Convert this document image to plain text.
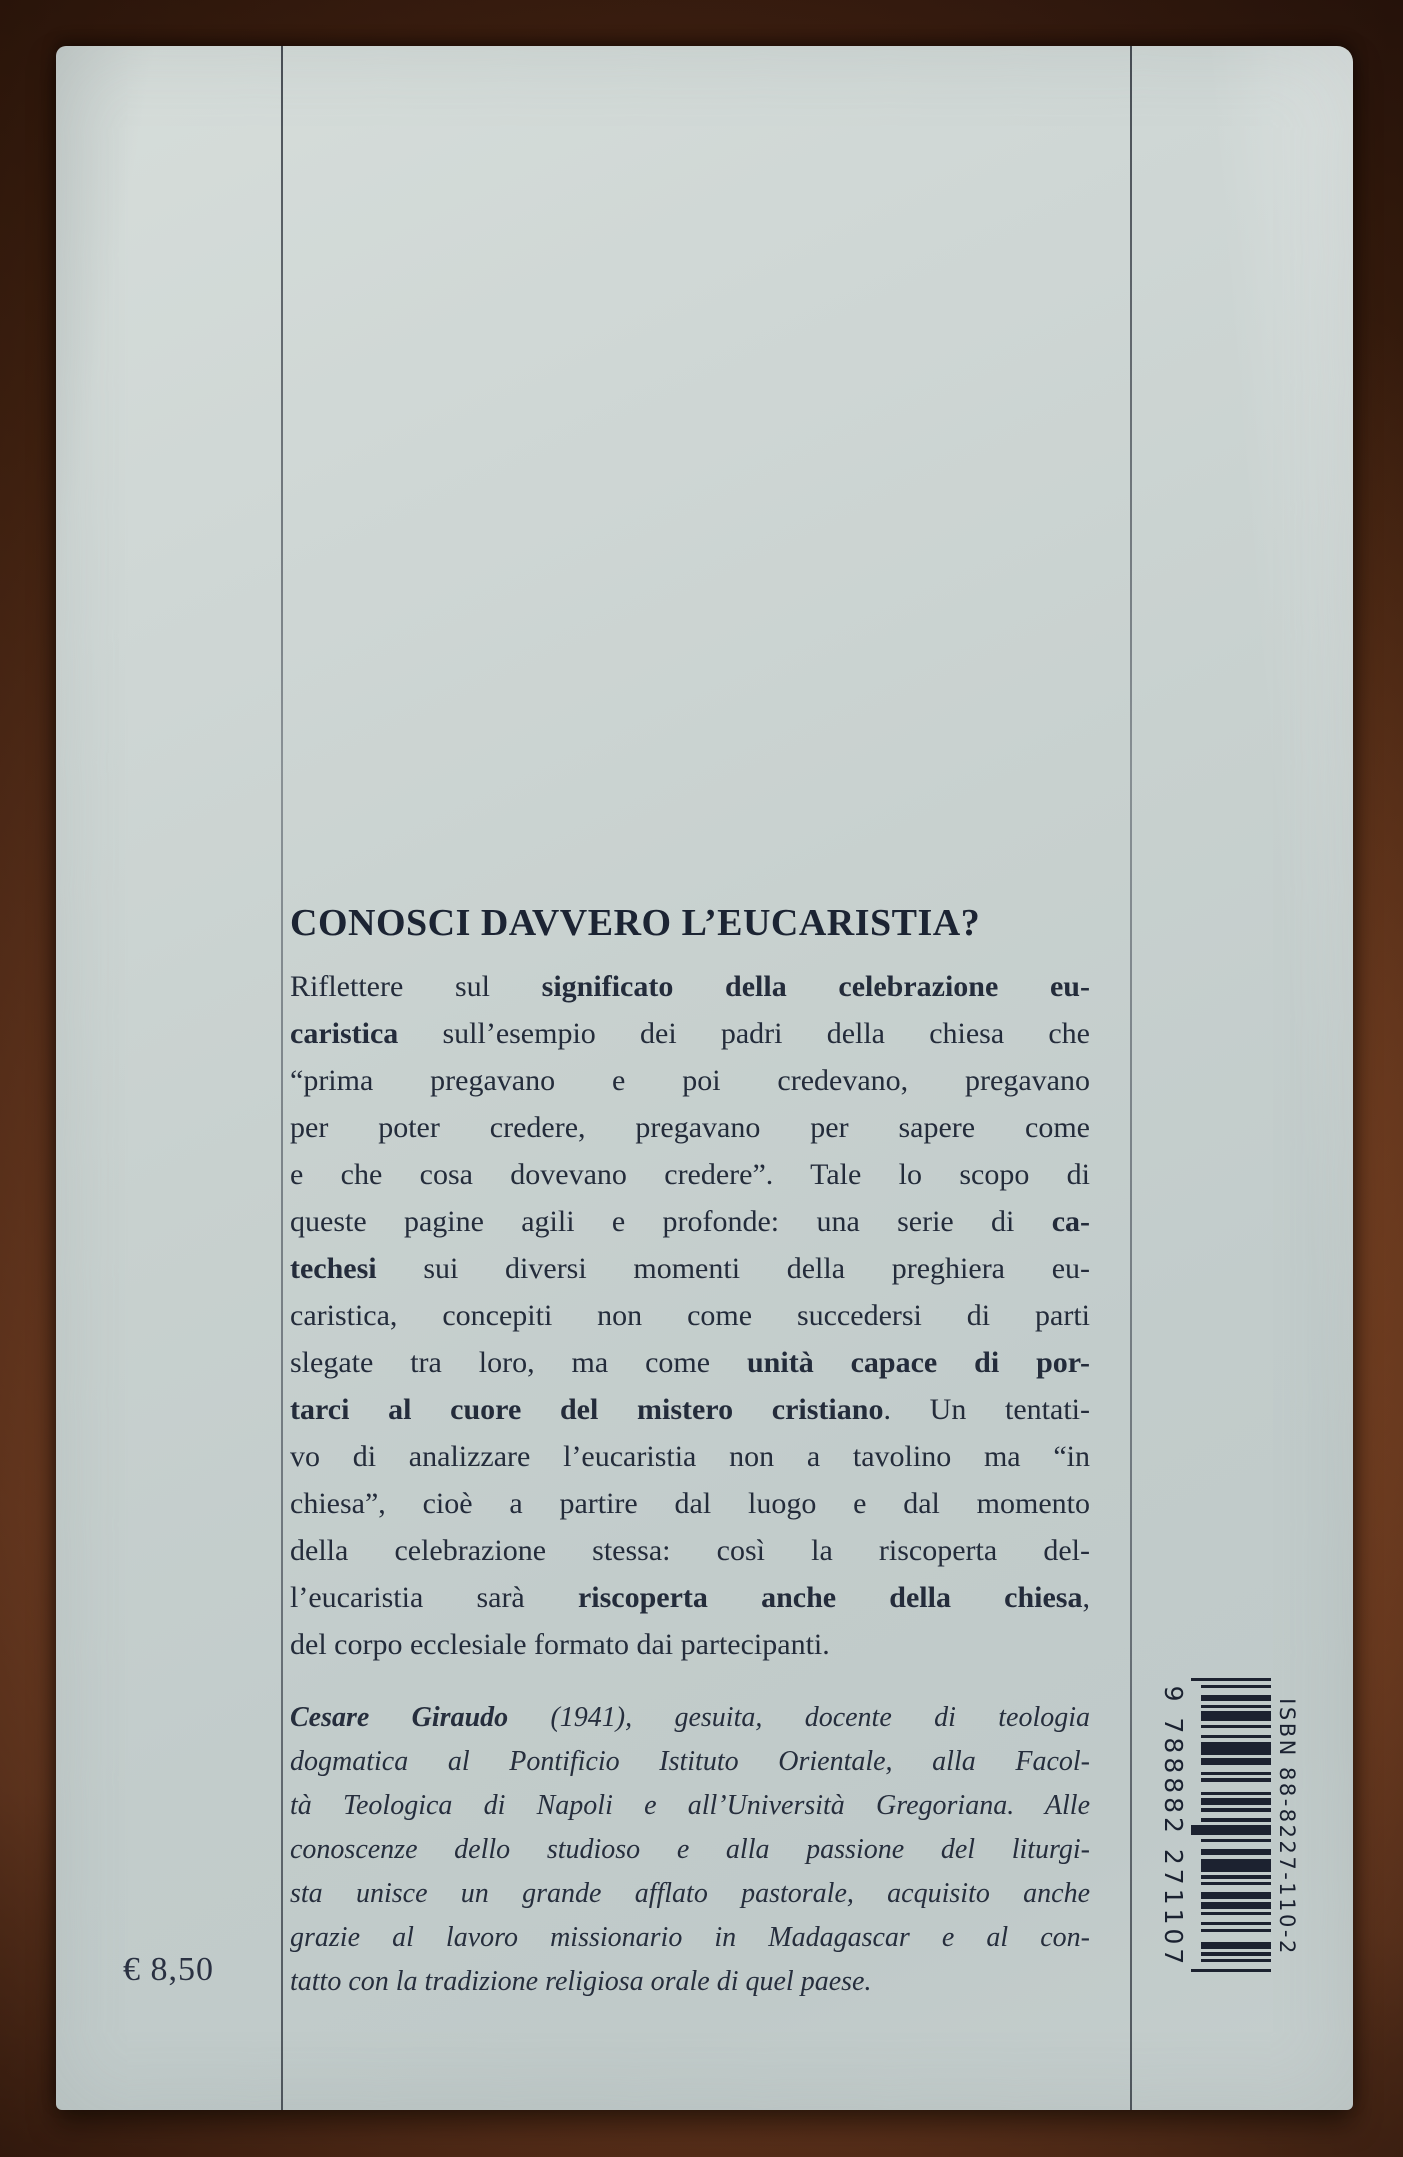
CONOSCI DAVVERO L’EUCARISTIA?
Riflettere sul significato della celebrazione eu-
caristica sull’esempio dei padri della chiesa che
“prima pregavano e poi credevano, pregavano
per poter credere, pregavano per sapere come
e che cosa dovevano credere”. Tale lo scopo di
queste pagine agili e profonde: una serie di ca-
techesi sui diversi momenti della preghiera eu-
caristica, concepiti non come succedersi di parti
slegate tra loro, ma come unità capace di por-
tarci al cuore del mistero cristiano. Un tentati-
vo di analizzare l’eucaristia non a tavolino ma “in
chiesa”, cioè a partire dal luogo e dal momento
della celebrazione stessa: così la riscoperta del-
l’eucaristia sarà riscoperta anche della chiesa,
del corpo ecclesiale formato dai partecipanti.
Cesare Giraudo (1941), gesuita, docente di teologia
dogmatica al Pontificio Istituto Orientale, alla Facol-
tà Teologica di Napoli e all’Università Gregoriana. Alle
conoscenze dello studioso e alla passione del liturgi-
sta unisce un grande afflato pastorale, acquisito anche
grazie al lavoro missionario in Madagascar e al con-
tatto con la tradizione religiosa orale di quel paese.
€ 8,50
ISBN 88-8227-110-2
9 788882 271107
